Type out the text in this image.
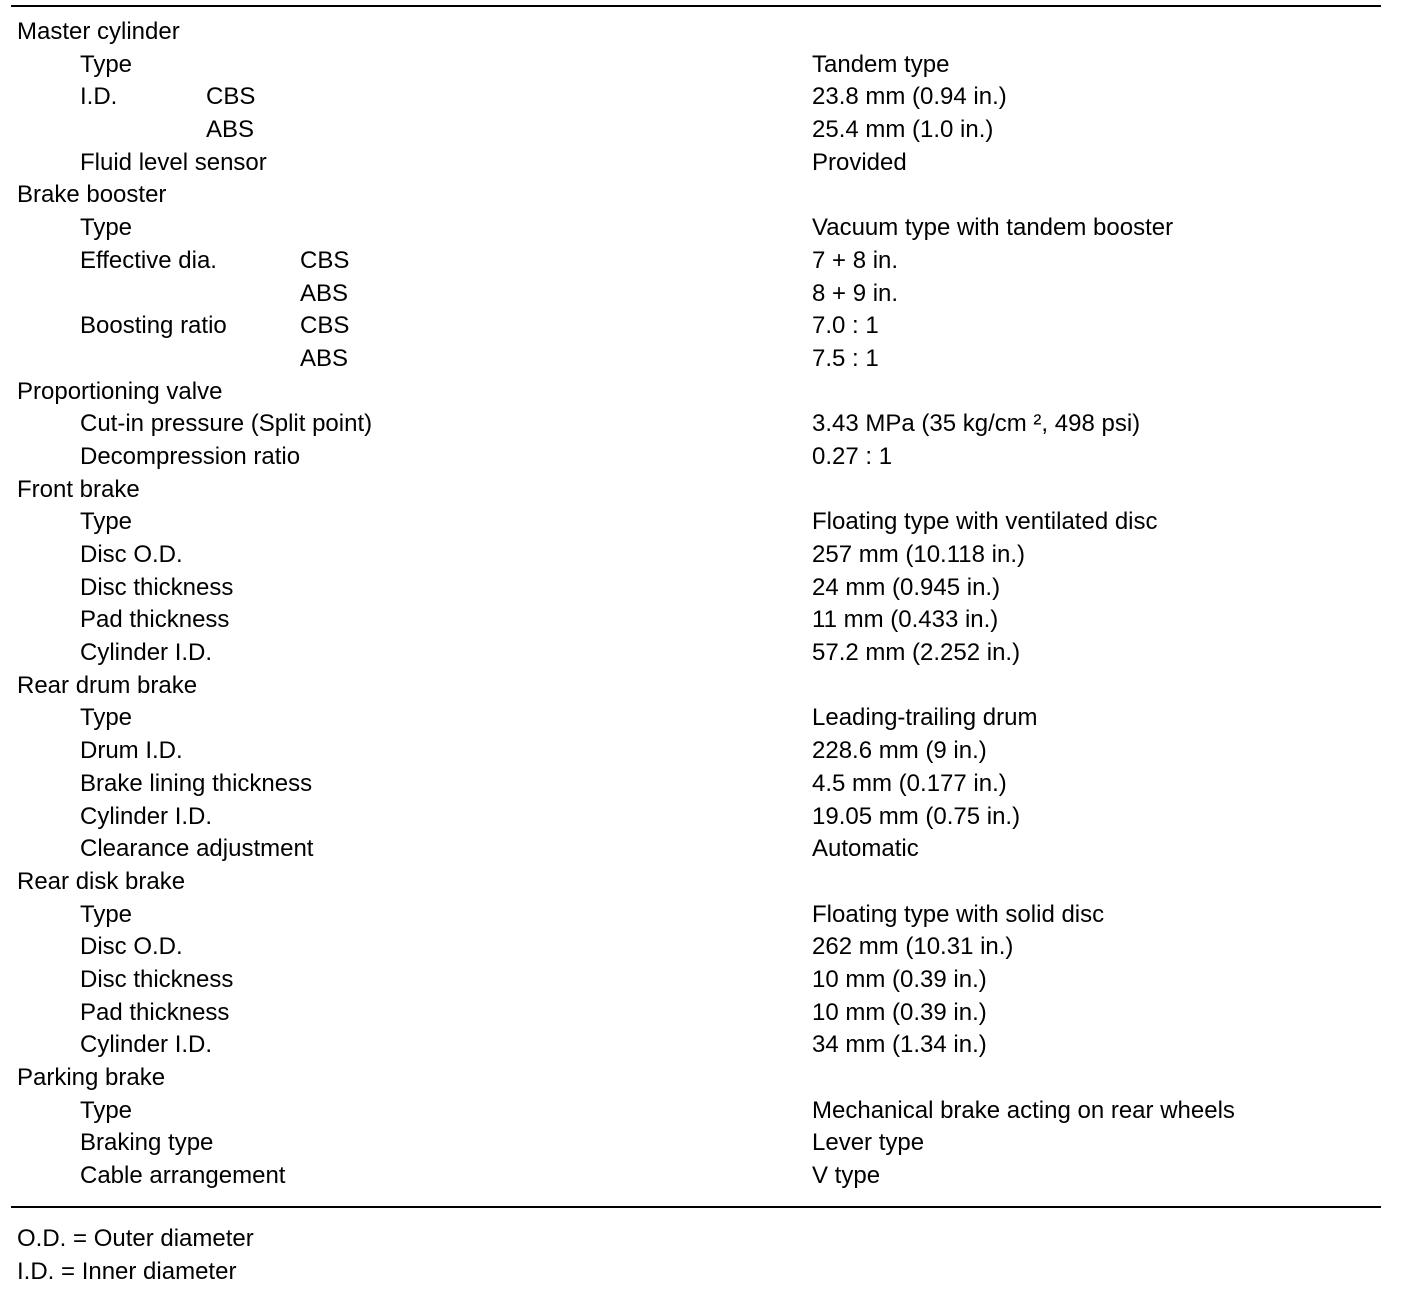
Master cylinder
Type	Tandem type
I.D.	CBS	23.8 mm (0.94 in.)
ABS	25.4 mm (1.0 in.)
Fluid level sensor	Provided
Brake booster
Type	Vacuum type with tandem booster
Effective dia.	CBS	7 + 8 in.
ABS	8 + 9 in.
Boosting ratio	CBS	7.0 : 1
ABS	7.5 : 1
Proportioning valve
Cut-in pressure (Split point)	3.43 MPa (35 kg/cm ², 498 psi)
Decompression ratio	0.27 : 1
Front brake
Type	Floating type with ventilated disc
Disc O.D.	257 mm (10.118 in.)
Disc thickness	24 mm (0.945 in.)
Pad thickness	11 mm (0.433 in.)
Cylinder I.D.	57.2 mm (2.252 in.)
Rear drum brake
Type	Leading-trailing drum
Drum I.D.	228.6 mm (9 in.)
Brake lining thickness	4.5 mm (0.177 in.)
Cylinder I.D.	19.05 mm (0.75 in.)
Clearance adjustment	Automatic
Rear disk brake
Type	Floating type with solid disc
Disc O.D.	262 mm (10.31 in.)
Disc thickness	10 mm (0.39 in.)
Pad thickness	10 mm (0.39 in.)
Cylinder I.D.	34 mm (1.34 in.)
Parking brake
Type	Mechanical brake acting on rear wheels
Braking type	Lever type
Cable arrangement	V type
O.D. = Outer diameter
I.D. = Inner diameter
